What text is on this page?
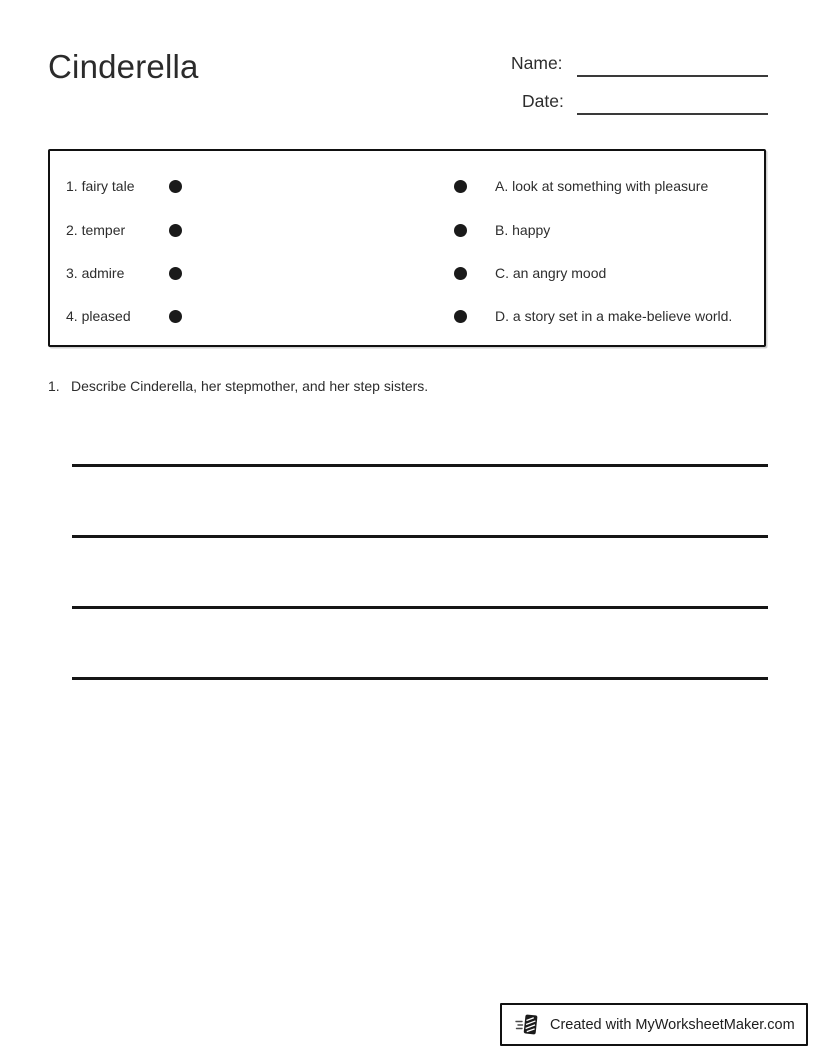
Cinderella	Name:
Date:
1. fairy tale	A. look at something with pleasure
2. temper	B. happy
3. admire	C. an angry mood
4. pleased	D. a story set in a make-believe world.
1. Describe Cinderella, her stepmother, and her step sisters.
Created with MyWorksheetMaker.com
